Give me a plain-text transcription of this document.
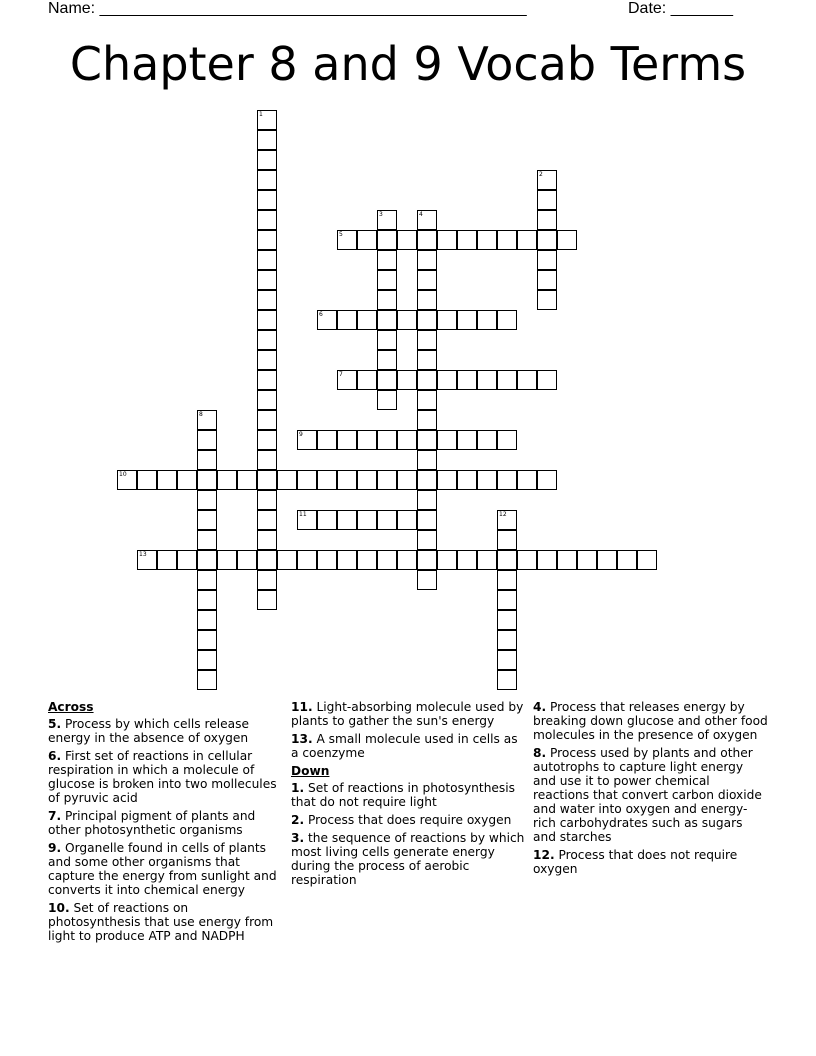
Name: ________________________________________________	Date: _______
Chapter 8 and 9 Vocab Terms
1
2
3	4
5
6
7
8
9
10
11	12
13
Across
5. Process by which cells release energy in the absence of oxygen
6. First set of reactions in cellular respiration in which a molecule of glucose is broken into two mollecules of pyruvic acid
7. Principal pigment of plants and other photosynthetic organisms
9. Organelle found in cells of plants and some other organisms that capture the energy from sunlight and converts it into chemical energy
10. Set of reactions on photosynthesis that use energy from light to produce ATP and NADPH
11. Light-absorbing molecule used by plants to gather the sun's energy
13. A small molecule used in cells as a coenzyme
Down
1. Set of reactions in photosynthesis that do not require light
2. Process that does require oxygen
3. the sequence of reactions by which most living cells generate energy during the process of aerobic respiration
4. Process that releases energy by breaking down glucose and other food molecules in the presence of oxygen
8. Process used by plants and other autotrophs to capture light energy and use it to power chemical reactions that convert carbon dioxide and water into oxygen and energy-rich carbohydrates such as sugars and starches
12. Process that does not require oxygen
